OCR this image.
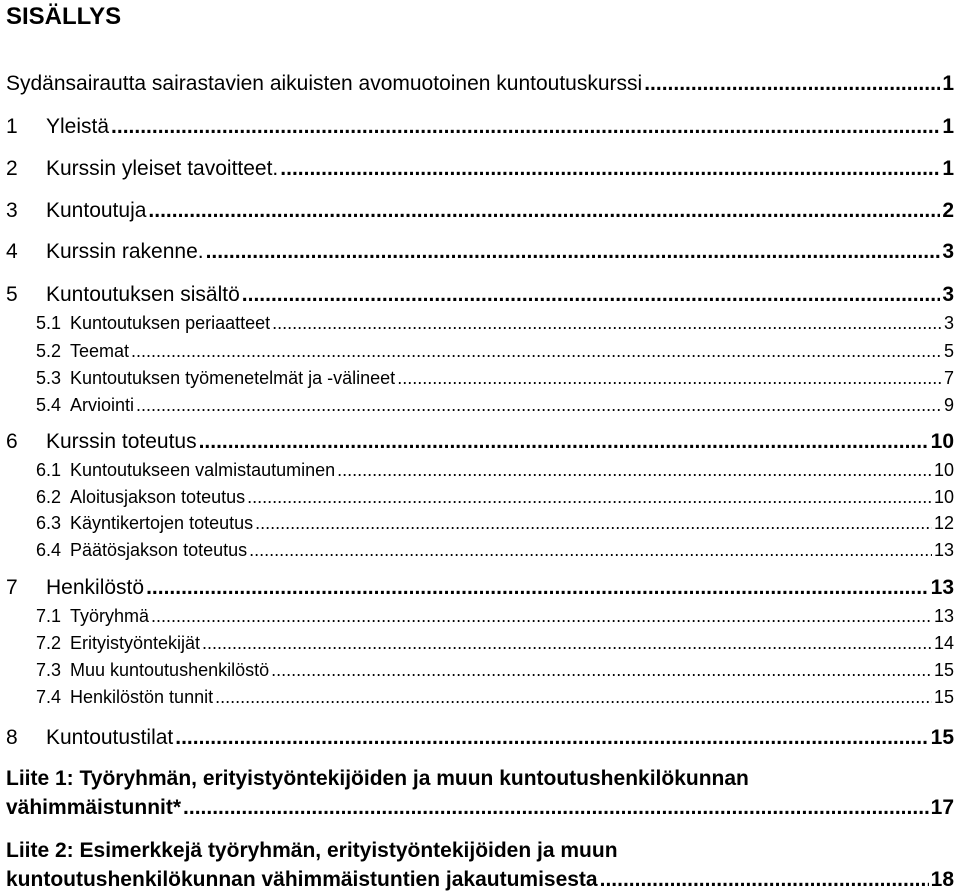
SISÄLLYS
Sydänsairautta sairastavien aikuisten avomuotoinen kuntoutuskurssi .....	1
1	Yleistä .....	1
2	Kurssin yleiset tavoitteet. .....	1
3	Kuntoutuja .....	2
4	Kurssin rakenne. .....	3
5	Kuntoutuksen sisältö .....	3
5.1 Kuntoutuksen periaatteet .....	3
5.2 Teemat .....	5
5.3 Kuntoutuksen työmenetelmät ja -välineet .....	7
5.4 Arviointi .....	9
6	Kurssin toteutus .....	10
6.1 Kuntoutukseen valmistautuminen .....	10
6.2 Aloitusjakson toteutus .....	10
6.3 Käyntikertojen toteutus .....	12
6.4 Päätösjakson toteutus .....	13
7	Henkilöstö .....	13
7.1 Työryhmä .....	13
7.2 Erityistyöntekijät .....	14
7.3 Muu kuntoutushenkilöstö .....	15
7.4 Henkilöstön tunnit .....	15
8	Kuntoutustilat .....	15
Liite 1: Työryhmän, erityistyöntekijöiden ja muun kuntoutushenkilökunnan
vähimmäistunnit* .....	17
Liite 2: Esimerkkejä työryhmän, erityistyöntekijöiden ja muun
kuntoutushenkilökunnan vähimmäistuntien jakautumisesta .....	18
